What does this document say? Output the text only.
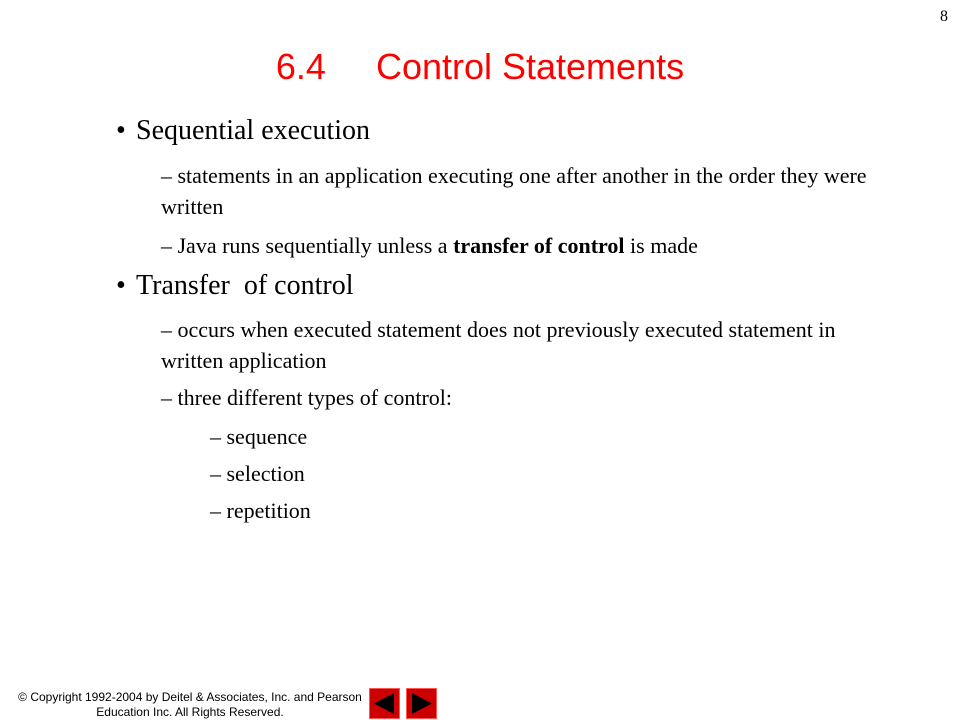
8
6.4     Control Statements
• Sequential execution
– statements in an application executing one after another in the order they were written
– Java runs sequentially unless a transfer of control is made
• Transfer  of control
– occurs when executed statement does not previously executed statement in written application
– three different types of control:
– sequence
– selection
– repetition
© Copyright 1992-2004 by Deitel & Associates, Inc. and Pearson
Education Inc. All Rights Reserved.
